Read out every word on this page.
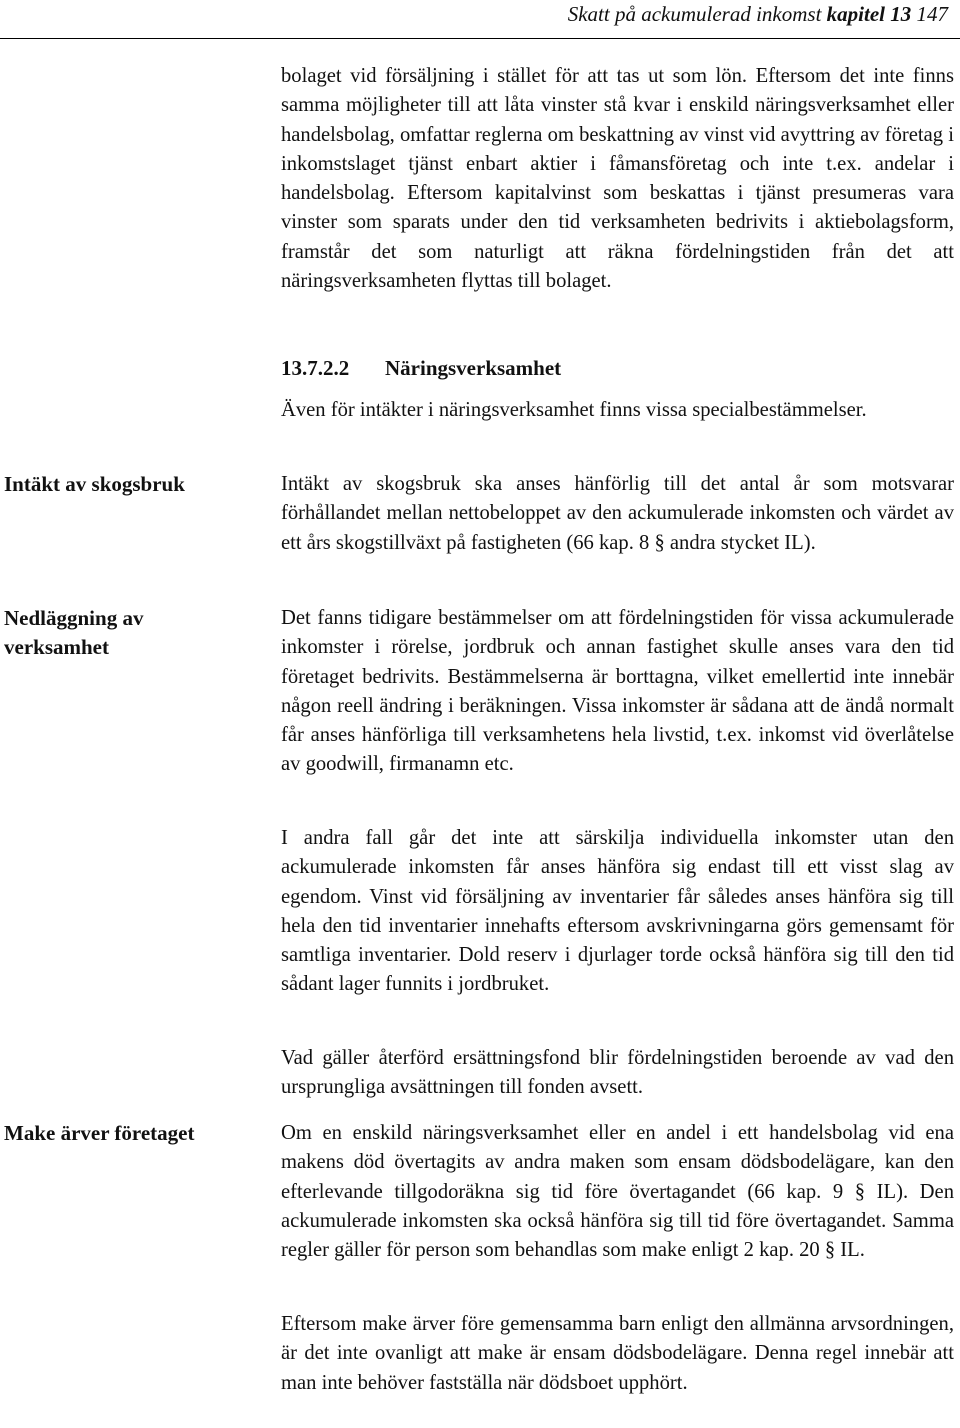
Skatt på ackumulerad inkomst kapitel 13 147

bolaget vid försäljning i stället för att tas ut som lön. Eftersom det inte finns samma möjligheter till att låta vinster stå kvar i enskild näringsverksamhet eller handelsbolag, omfattar reglerna om beskattning av vinst vid avyttring av företag i inkomstslaget tjänst enbart aktier i fåmansföretag och inte t.ex. andelar i handelsbolag. Eftersom kapitalvinst som beskattas i tjänst presumeras vara vinster som sparats under den tid verksamheten bedrivits i aktiebolagsform, framstår det som naturligt att räkna fördelningstiden från det att näringsverksamheten flyttas till bolaget.

13.7.2.2 Näringsverksamhet

Även för intäkter i näringsverksamhet finns vissa specialbestämmelser.

Intäkt av skogsbruk	Intäkt av skogsbruk ska anses hänförlig till det antal år som motsvarar förhållandet mellan nettobeloppet av den ackumulerade inkomsten och värdet av ett års skogstillväxt på fastigheten (66 kap. 8 § andra stycket IL).

Nedläggning av verksamhet

Det fanns tidigare bestämmelser om att fördelningstiden för vissa ackumulerade inkomster i rörelse, jordbruk och annan fastighet skulle anses vara den tid företaget bedrivits. Bestämmelserna är borttagna, vilket emellertid inte innebär någon reell ändring i beräkningen. Vissa inkomster är sådana att de ändå normalt får anses hänförliga till verksamhetens hela livstid, t.ex. inkomst vid överlåtelse av goodwill, firmanamn etc.

I andra fall går det inte att särskilja individuella inkomster utan den ackumulerade inkomsten får anses hänföra sig endast till ett visst slag av egendom. Vinst vid försäljning av inventarier får således anses hänföra sig till hela den tid inventarier innehafts eftersom avskrivningarna görs gemensamt för samtliga inventarier. Dold reserv i djurlager torde också hänföra sig till den tid sådant lager funnits i jordbruket.

Vad gäller återförd ersättningsfond blir fördelningstiden beroende av vad den ursprungliga avsättningen till fonden avsett.

Make ärver företaget	Om en enskild näringsverksamhet eller en andel i ett handelsbolag vid ena makens död övertagits av andra maken som ensam dödsbodelägare, kan den efterlevande tillgodoräkna sig tid före övertagandet (66 kap. 9 § IL). Den ackumulerade inkomsten ska också hänföra sig till tid före övertagandet. Samma regler gäller för person som behandlas som make enligt 2 kap. 20 § IL.

Eftersom make ärver före gemensamma barn enligt den allmänna arvsordningen, är det inte ovanligt att make är ensam dödsbodelägare. Denna regel innebär att man inte behöver fastställa när dödsboet upphört.
